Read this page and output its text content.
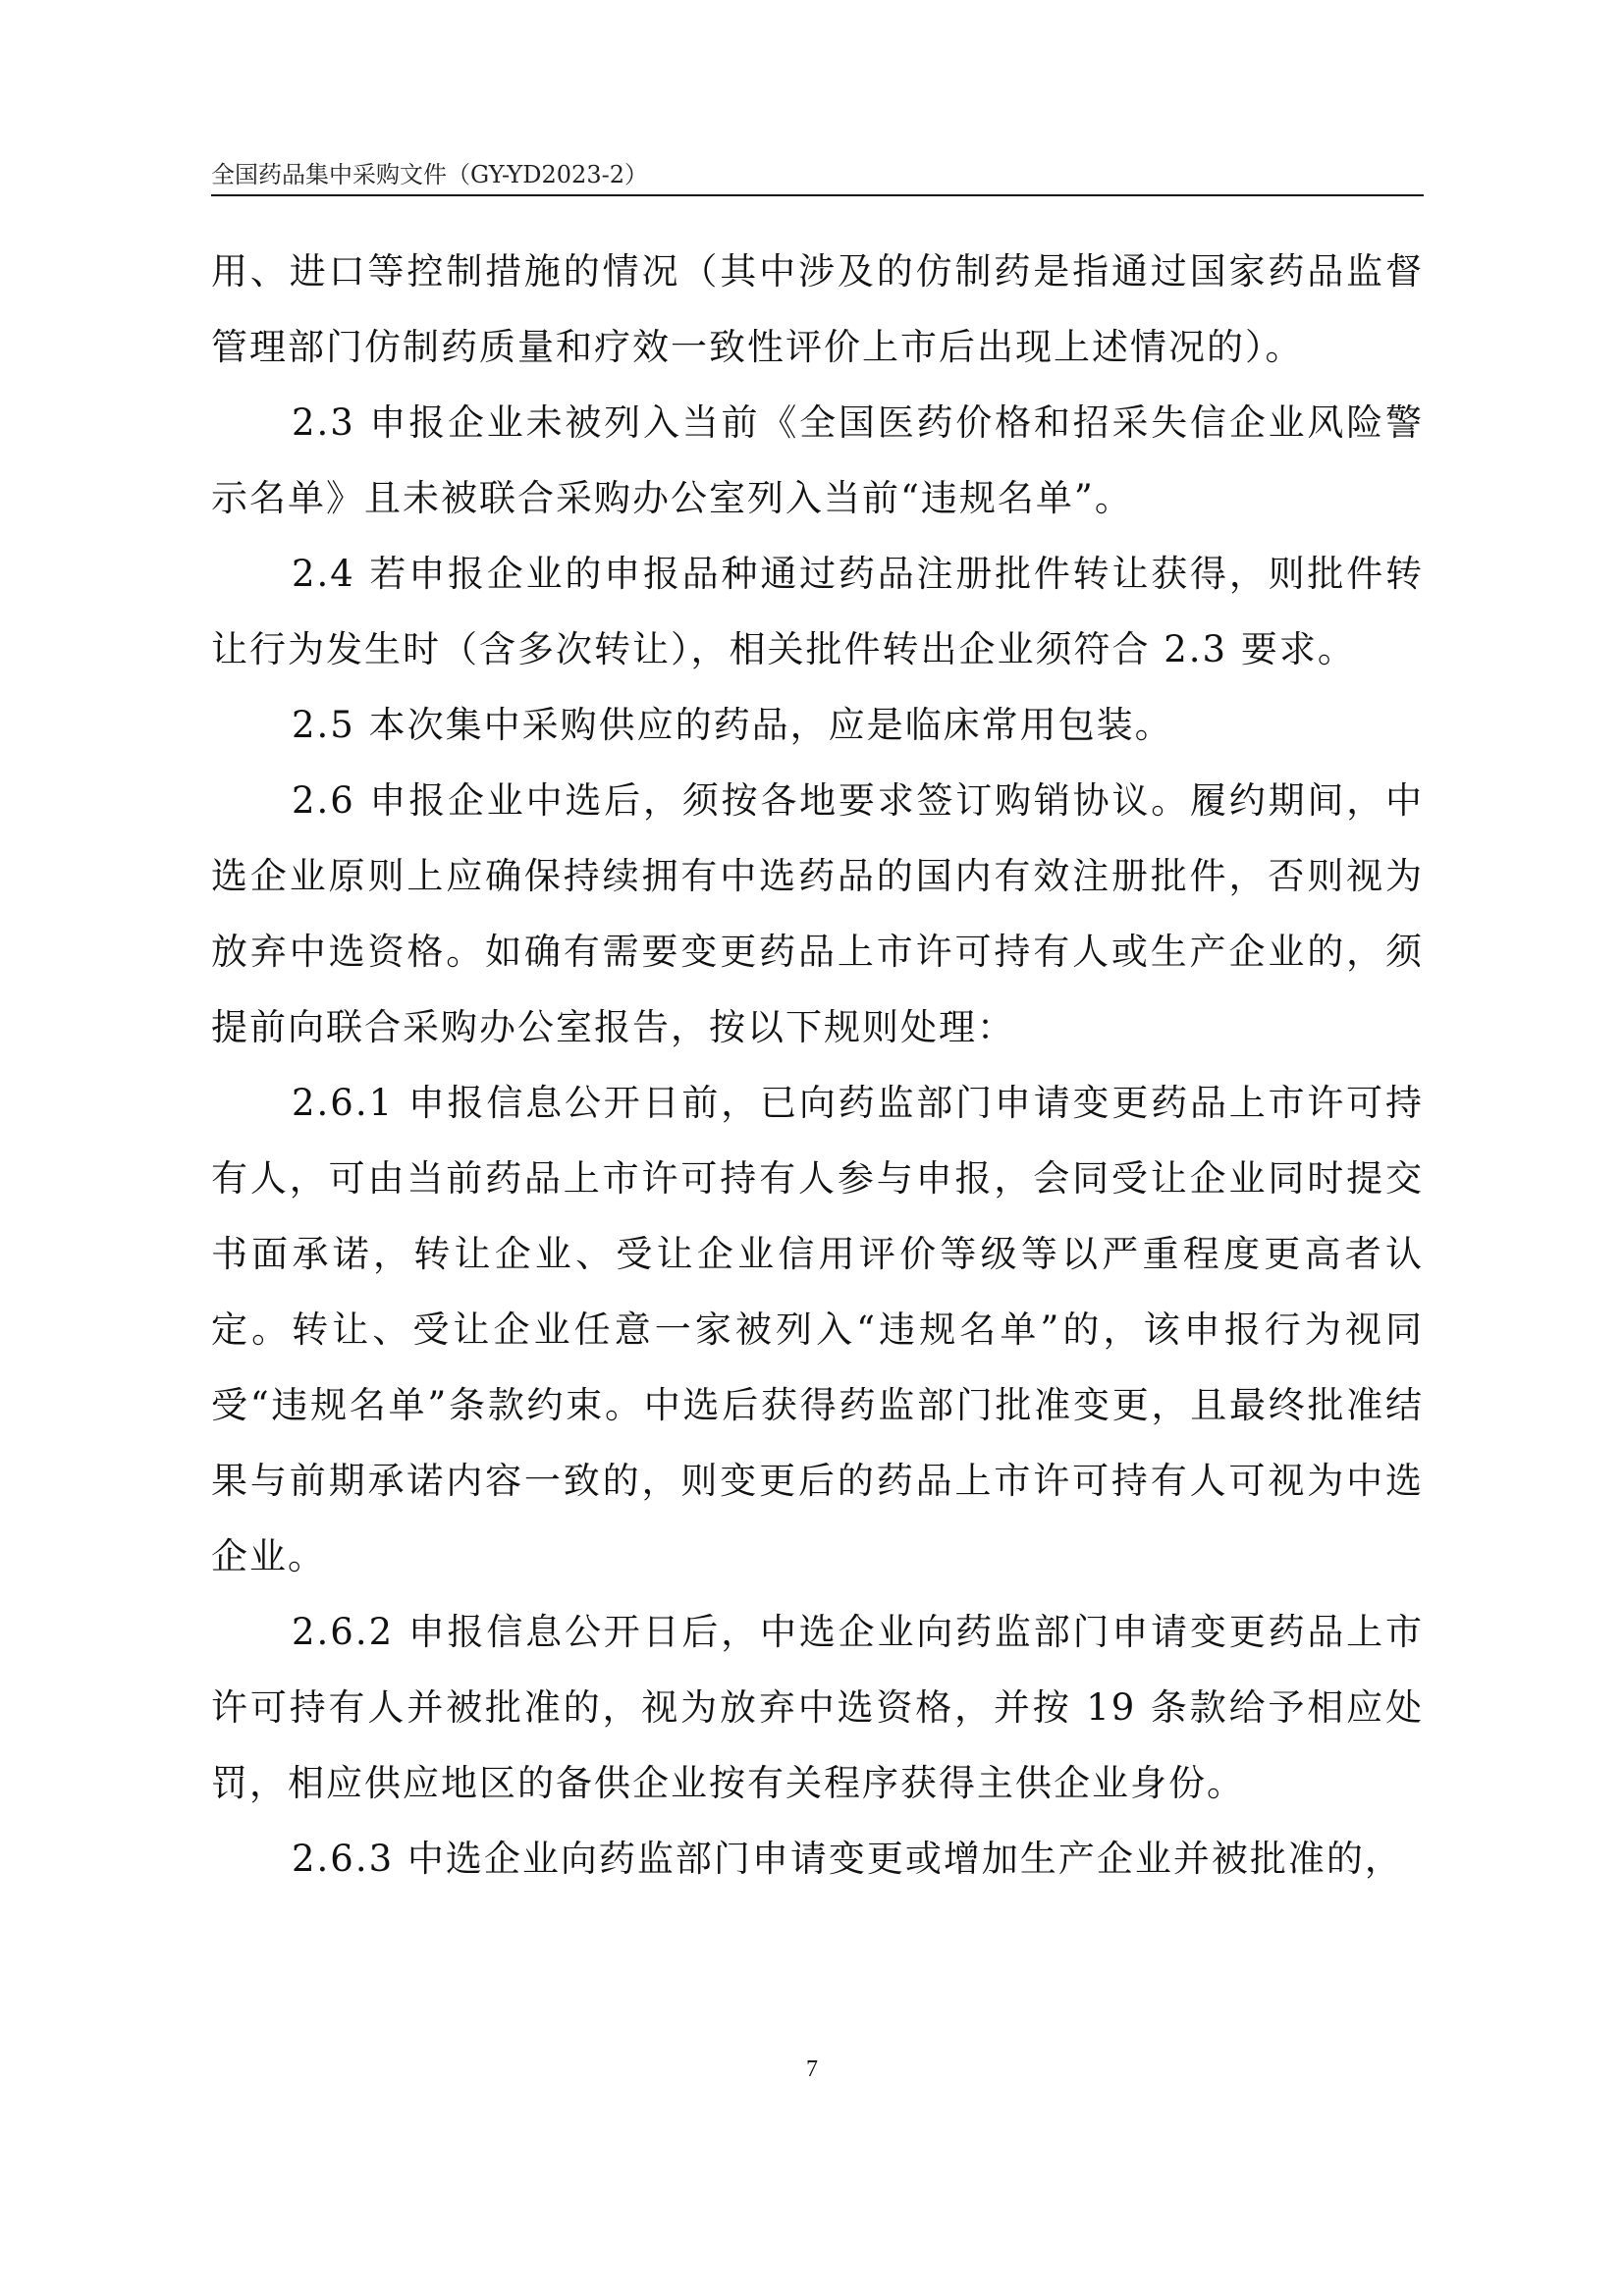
全国药品集中采购文件（GY-YD2023-2）

用、进口等控制措施的情况（其中涉及的仿制药是指通过国家药品监督管理部门仿制药质量和疗效一致性评价上市后出现上述情况的）。

2.3 申报企业未被列入当前《全国医药价格和招采失信企业风险警示名单》且未被联合采购办公室列入当前“违规名单”。

2.4 若申报企业的申报品种通过药品注册批件转让获得，则批件转让行为发生时（含多次转让），相关批件转出企业须符合 2.3 要求。

2.5 本次集中采购供应的药品，应是临床常用包装。

2.6 申报企业中选后，须按各地要求签订购销协议。履约期间，中选企业原则上应确保持续拥有中选药品的国内有效注册批件，否则视为放弃中选资格。如确有需要变更药品上市许可持有人或生产企业的，须提前向联合采购办公室报告，按以下规则处理：

2.6.1 申报信息公开日前，已向药监部门申请变更药品上市许可持有人，可由当前药品上市许可持有人参与申报，会同受让企业同时提交书面承诺，转让企业、受让企业信用评价等级等以严重程度更高者认定。转让、受让企业任意一家被列入“违规名单”的，该申报行为视同受“违规名单”条款约束。中选后获得药监部门批准变更，且最终批准结果与前期承诺内容一致的，则变更后的药品上市许可持有人可视为中选企业。

2.6.2 申报信息公开日后，中选企业向药监部门申请变更药品上市许可持有人并被批准的，视为放弃中选资格，并按 19 条款给予相应处罚，相应供应地区的备供企业按有关程序获得主供企业身份。

2.6.3 中选企业向药监部门申请变更或增加生产企业并被批准的，

7
